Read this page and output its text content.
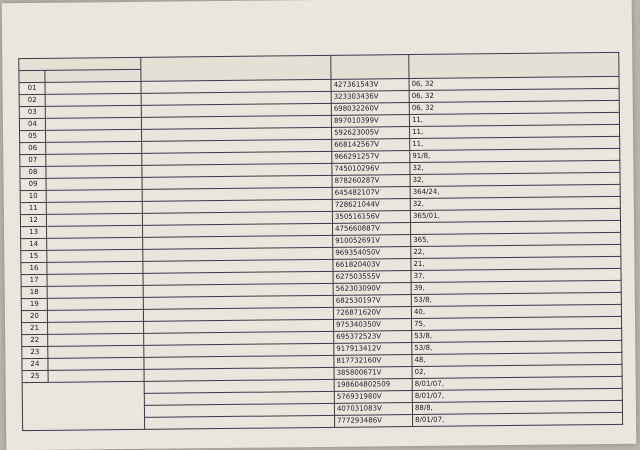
01			427361543V	06, 32
02			323303436V	06, 32
03			698032260V	06, 32
04			897010399V	11,
05			592623005V	11,
06			668142567V	11,
07			966291257V	91/8,
08			745010296V	32,
09			878260287V	32,
10			645482107V	364/24,
11			728621044V	32,
12			350516156V	365/01,
13			475660887V	
14			910052691V	365,
15			969354050V	22,
16			661820403V	21,
17			627503555V	37,
18			562303090V	39,
19			682530197V	53/8,
20			726871620V	40,
21			975340350V	75,
22			695372523V	53/8,
23			917913412V	53/8,
24			817732160V	48,
25			385800671V	02,
			198604802509	8/01/07,
			576931980V	8/01/07,
			407031083V	88/8,
			777293486V	8/01/07,
